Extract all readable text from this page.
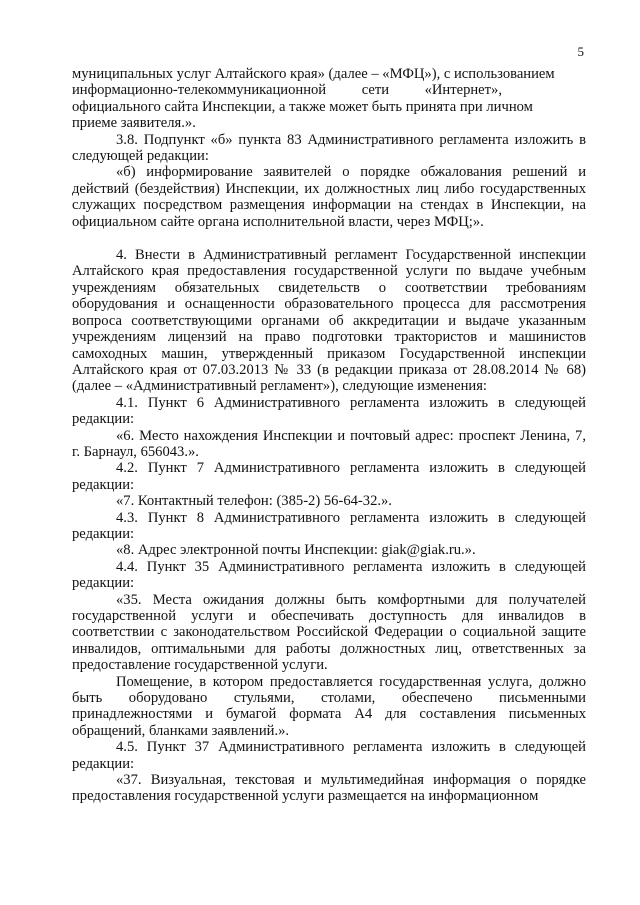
5
муниципальных услуг Алтайского края» (далее – «МФЦ»), с использованием
информационно-телекоммуникационной сети «Интернет»,
официального сайта Инспекции, а также может быть принята при личном
приеме заявителя.».

3.8. Подпункт «б» пункта 83 Административного регламента изложить в следующей редакции:

«б) информирование заявителей о порядке обжалования решений и действий (бездействия) Инспекции, их должностных лиц либо государственных служащих посредством размещения информации на стендах в Инспекции, на официальном сайте органа исполнительной власти, через МФЦ;».

4. Внести в Административный регламент Государственной инспекции Алтайского края предоставления государственной услуги по выдаче учебным учреждениям обязательных свидетельств о соответствии требованиям оборудования и оснащенности образовательного процесса для рассмотрения вопроса соответствующими органами об аккредитации и выдаче указанным учреждениям лицензий на право подготовки трактористов и машинистов самоходных машин, утвержденный приказом Государственной инспекции Алтайского края от 07.03.2013 № 33 (в редакции приказа от 28.08.2014 № 68) (далее – «Административный регламент»), следующие изменения:

4.1. Пункт 6 Административного регламента изложить в следующей редакции:

«6. Место нахождения Инспекции и почтовый адрес: проспект Ленина, 7, г. Барнаул, 656043.».

4.2. Пункт 7 Административного регламента изложить в следующей редакции:

«7. Контактный телефон: (385-2) 56-64-32.».

4.3. Пункт 8 Административного регламента изложить в следующей редакции:

«8. Адрес электронной почты Инспекции: giak@giak.ru.».

4.4. Пункт 35 Административного регламента изложить в следующей редакции:

«35. Места ожидания должны быть комфортными для получателей государственной услуги и обеспечивать доступность для инвалидов в соответствии с законодательством Российской Федерации о социальной защите инвалидов, оптимальными для работы должностных лиц, ответственных за предоставление государственной услуги.

Помещение, в котором предоставляется государственная услуга, должно быть оборудовано стульями, столами, обеспечено письменными принадлежностями и бумагой формата А4 для составления письменных обращений, бланками заявлений.».

4.5. Пункт 37 Административного регламента изложить в следующей редакции:

«37. Визуальная, текстовая и мультимедийная информация о порядке предоставления государственной услуги размещается на информационном
